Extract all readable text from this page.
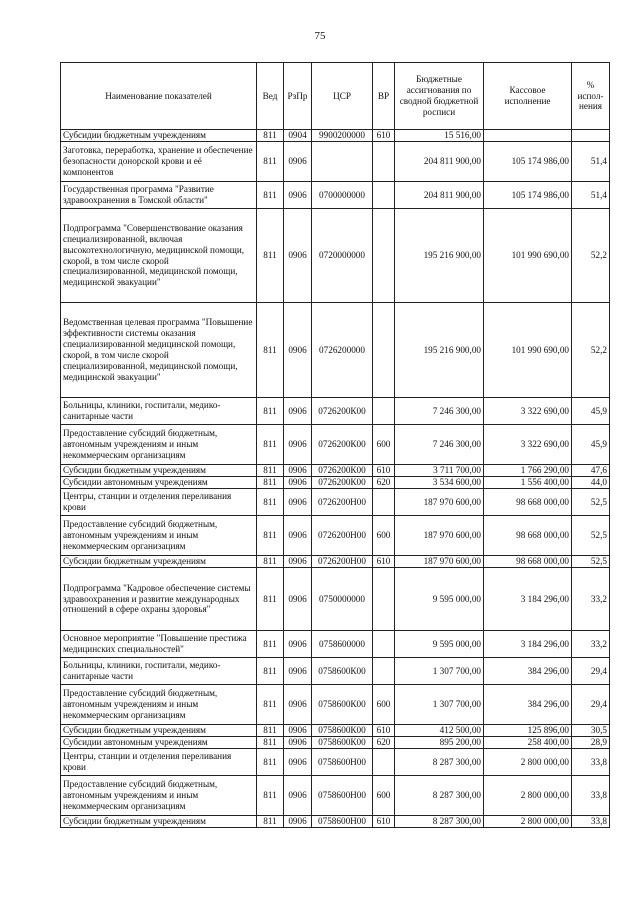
75
Наименование показателей	Вед	РзПр	ЦСР	ВР	Бюджетные ассигнования по сводной бюджетной росписи	Кассовое исполнение	% испол-нения
Субсидии бюджетным учреждениям	811	0904	9900200000	610	15 516,00		
Заготовка, переработка, хранение и обеспечение безопасности донорской крови и её компонентов	811	0906			204 811 900,00	105 174 986,00	51,4
Государственная программа "Развитие здравоохранения в Томской области"	811	0906	0700000000		204 811 900,00	105 174 986,00	51,4
Подпрограмма "Совершенствование оказания специализированной, включая высокотехнологичную, медицинской помощи, скорой, в том числе скорой специализированной, медицинской помощи, медицинской эвакуации"	811	0906	0720000000		195 216 900,00	101 990 690,00	52,2
Ведомственная целевая программа "Повышение эффективности системы оказания специализированной медицинской помощи, скорой, в том числе скорой специализированной, медицинской помощи, медицинской эвакуации"	811	0906	0726200000		195 216 900,00	101 990 690,00	52,2
Больницы, клиники, госпитали, медико-санитарные части	811	0906	0726200К00		7 246 300,00	3 322 690,00	45,9
Предоставление субсидий бюджетным, автономным учреждениям и иным некоммерческим организациям	811	0906	0726200К00	600	7 246 300,00	3 322 690,00	45,9
Субсидии бюджетным учреждениям	811	0906	0726200К00	610	3 711 700,00	1 766 290,00	47,6
Субсидии автономным учреждениям	811	0906	0726200К00	620	3 534 600,00	1 556 400,00	44,0
Центры, станции и отделения переливания крови	811	0906	0726200Н00		187 970 600,00	98 668 000,00	52,5
Предоставление субсидий бюджетным, автономным учреждениям и иным некоммерческим организациям	811	0906	0726200Н00	600	187 970 600,00	98 668 000,00	52,5
Субсидии бюджетным учреждениям	811	0906	0726200Н00	610	187 970 600,00	98 668 000,00	52,5
Подпрограмма "Кадровое обеспечение системы здравоохранения и развитие международных отношений в сфере охраны здоровья"	811	0906	0750000000		9 595 000,00	3 184 296,00	33,2
Основное мероприятие "Повышение престижа медицинских специальностей"	811	0906	0758600000		9 595 000,00	3 184 296,00	33,2
Больницы, клиники, госпитали, медико-санитарные части	811	0906	0758600К00		1 307 700,00	384 296,00	29,4
Предоставление субсидий бюджетным, автономным учреждениям и иным некоммерческим организациям	811	0906	0758600К00	600	1 307 700,00	384 296,00	29,4
Субсидии бюджетным учреждениям	811	0906	0758600К00	610	412 500,00	125 896,00	30,5
Субсидии автономным учреждениям	811	0906	0758600К00	620	895 200,00	258 400,00	28,9
Центры, станции и отделения переливания крови	811	0906	0758600Н00		8 287 300,00	2 800 000,00	33,8
Предоставление субсидий бюджетным, автономным учреждениям и иным некоммерческим организациям	811	0906	0758600Н00	600	8 287 300,00	2 800 000,00	33,8
Субсидии бюджетным учреждениям	811	0906	0758600Н00	610	8 287 300,00	2 800 000,00	33,8
